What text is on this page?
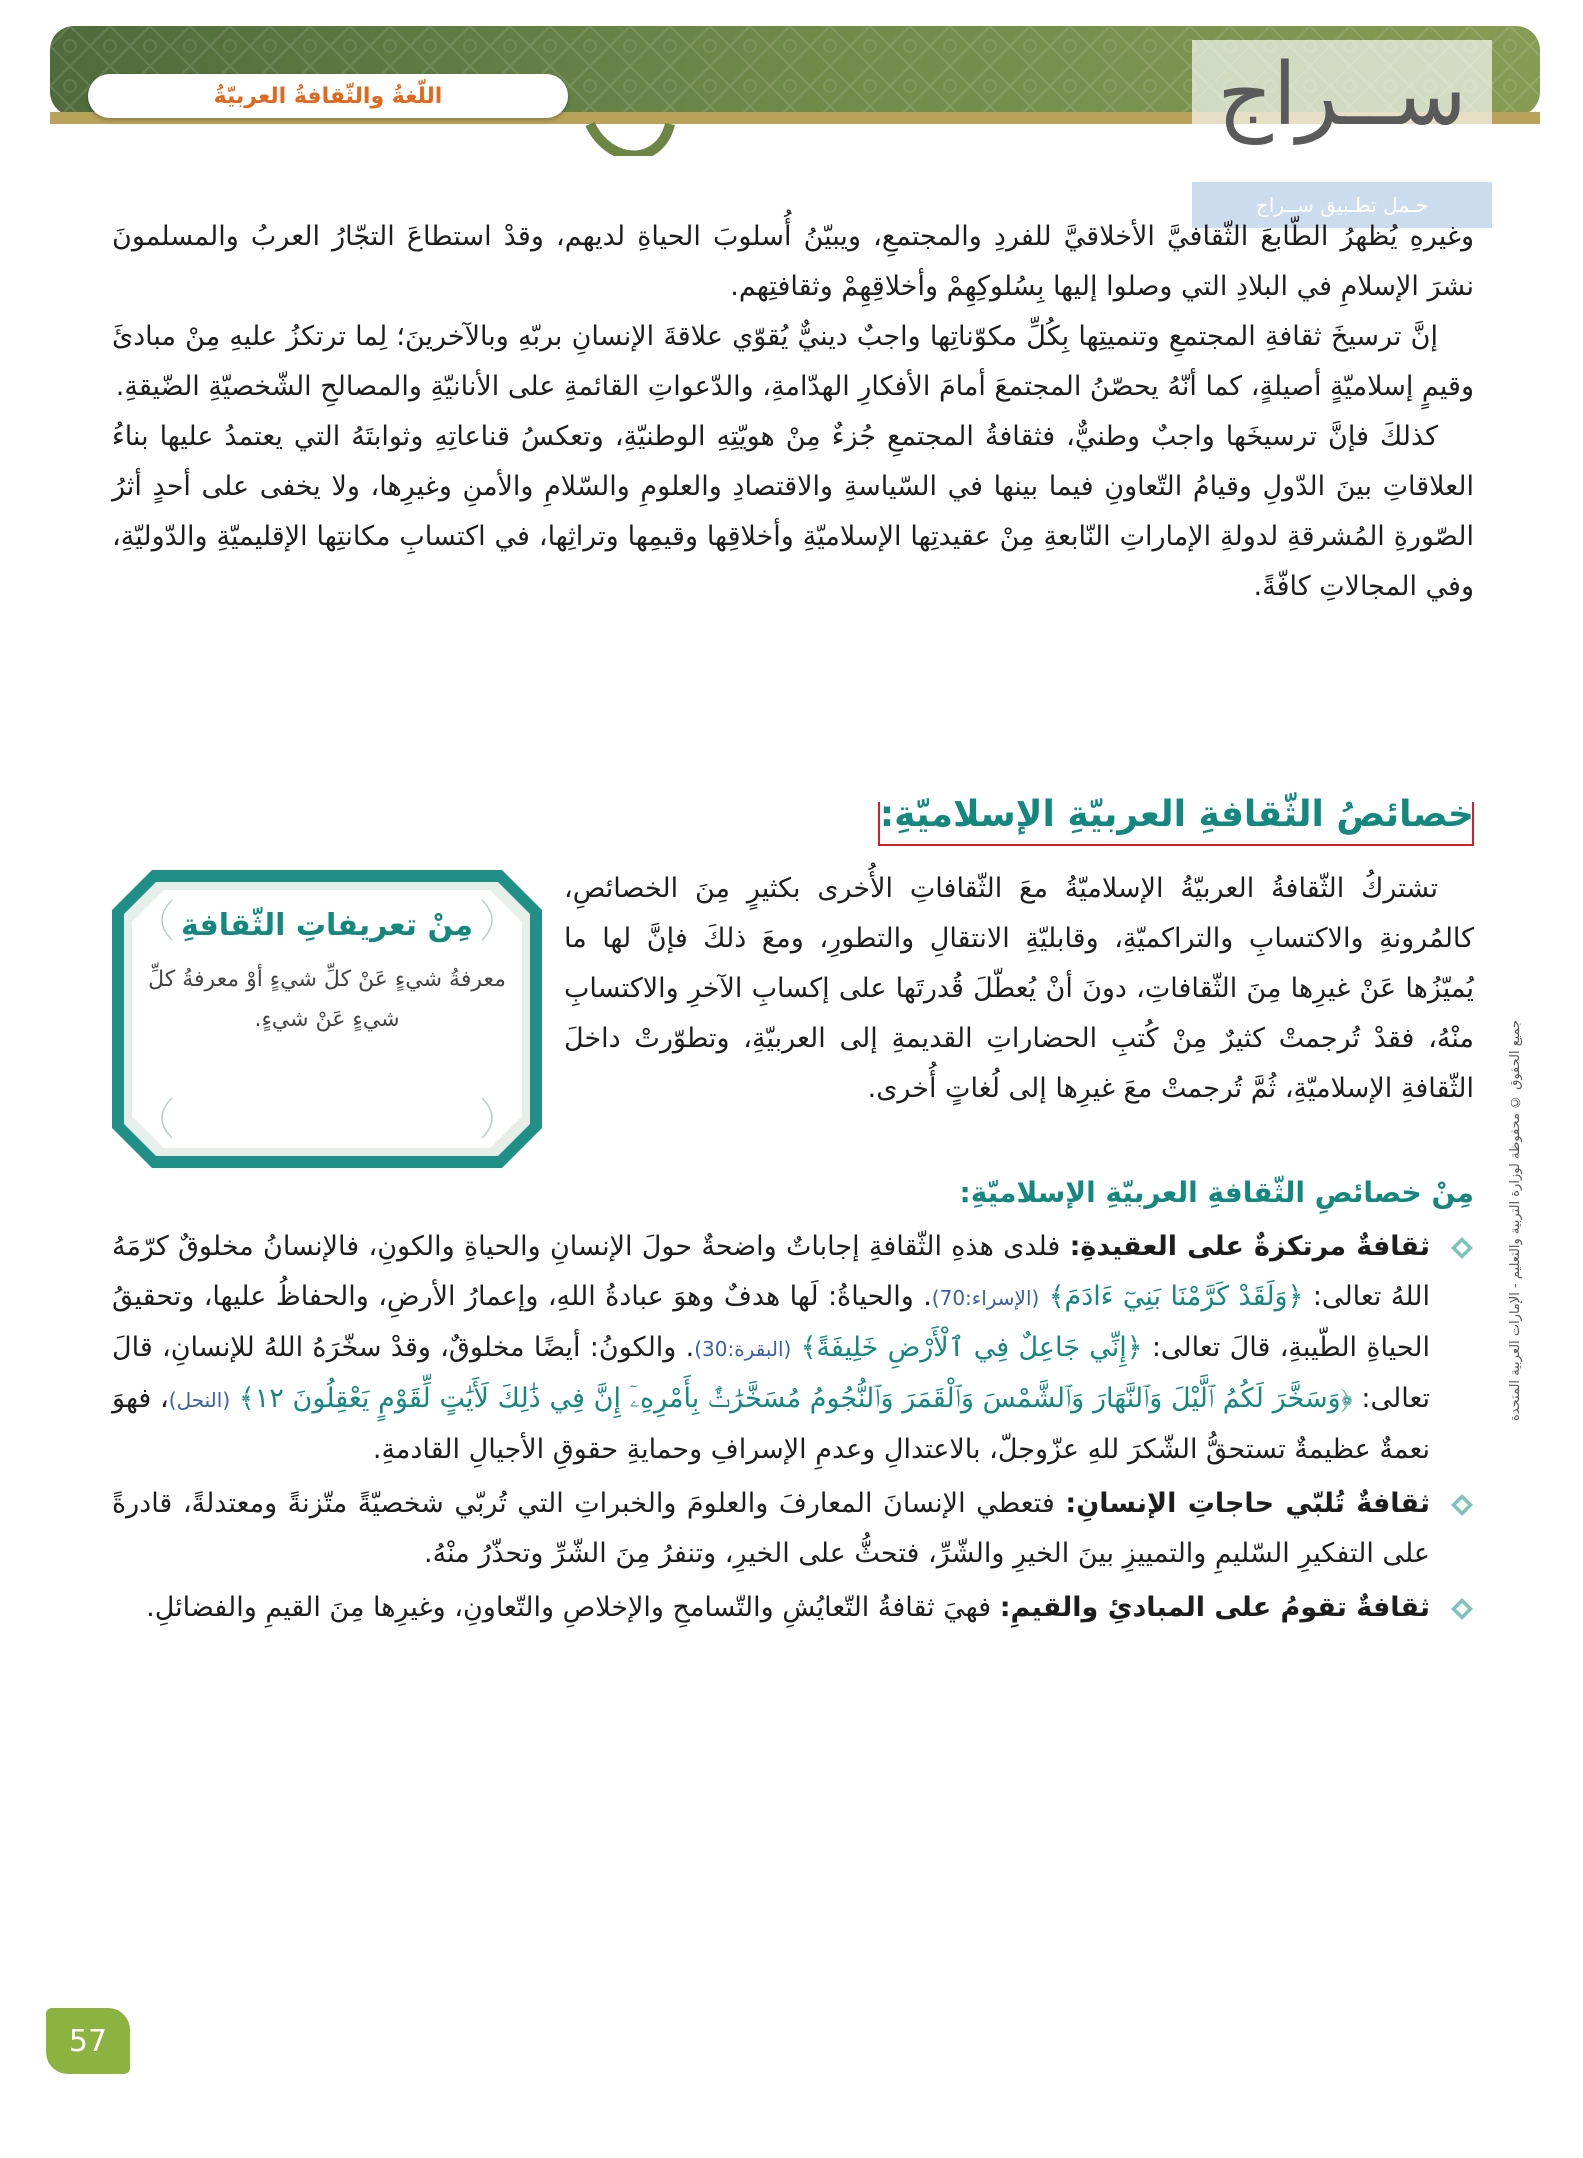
اللّغةُ والثّقافةُ العربيّةُ	ســراج
حـمل تطـبيق ســراج

وغيرهِ يُظهرُ الطّابعَ الثّقافيَّ الأخلاقيَّ للفردِ والمجتمعِ، ويبيّنُ أُسلوبَ الحياةِ لديهم، وقدْ استطاعَ التجّارُ العربُ والمسلمونَ نشرَ الإسلامِ في البلادِ التي وصلوا إليها بِسُلوكِهِمْ وأخلاقِهِمْ وثقافتِهم.

إنَّ ترسيخَ ثقافةِ المجتمعِ وتنميتِها بِكُلِّ مكوّناتِها واجبٌ دينيٌّ يُقوّي علاقةَ الإنسانِ بربّهِ وبالآخرينَ؛ لِما ترتكزُ عليهِ مِنْ مبادئَ وقيمٍ إسلاميّةٍ أصيلةٍ، كما أنّهُ يحصّنُ المجتمعَ أمامَ الأفكارِ الهدّامةِ، والدّعواتِ القائمةِ على الأنانيّةِ والمصالحِ الشّخصيّةِ الضّيقةِ.

كذلكَ فإنَّ ترسيخَها واجبٌ وطنيٌّ، فثقافةُ المجتمعِ جُزءٌ مِنْ هويّتِهِ الوطنيّةِ، وتعكسُ قناعاتِهِ وثوابتَهُ التي يعتمدُ عليها بناءُ العلاقاتِ بينَ الدّولِ وقيامُ التّعاونِ فيما بينها في السّياسةِ والاقتصادِ والعلومِ والسّلامِ والأمنِ وغيرِها، ولا يخفى على أحدٍ أثرُ الصّورةِ المُشرقةِ لدولةِ الإماراتِ النّابعةِ مِنْ عقيدتِها الإسلاميّةِ وأخلاقِها وقيمِها وتراثِها، في اكتسابِ مكانتِها الإقليميّةِ والدّوليّةِ، وفي المجالاتِ كافّةً.

خصائصُ الثّقافةِ العربيّةِ الإسلاميّةِ:
مِنْ تعريفاتِ الثّقافةِ
معرفةُ شيءٍ عَنْ كلِّ شيءٍ أوْ معرفةُ كلِّ شيءٍ عَنْ شيءٍ.

تشتركُ الثّقافةُ العربيّةُ الإسلاميّةُ معَ الثّقافاتِ الأُخرى بكثيرٍ مِنَ الخصائصِ، كالمُرونةِ والاكتسابِ والتراكميّةِ، وقابليّةِ الانتقالِ والتطورِ، ومعَ ذلكَ فإنَّ لها ما يُميّزُها عَنْ غيرِها مِنَ الثّقافاتِ، دونَ أنْ يُعطّلَ قُدرتَها على إكسابِ الآخرِ والاكتسابِ منْهُ، فقدْ تُرجمتْ كثيرٌ مِنْ كُتبِ الحضاراتِ القديمةِ إلى العربيّةِ، وتطوّرتْ داخلَ الثّقافةِ الإسلاميّةِ، ثُمَّ تُرجمتْ معَ غيرِها إلى لُغاتٍ أُخرى.

مِنْ خصائصِ الثّقافةِ العربيّةِ الإسلاميّةِ:

ثقافةٌ مرتكزةٌ على العقيدةِ: فلدى هذهِ الثّقافةِ إجاباتٌ واضحةٌ حولَ الإنسانِ والحياةِ والكونِ، فالإنسانُ مخلوقٌ كرّمَهُ اللهُ تعالى: ﴿وَلَقَدْ كَرَّمْنَا بَنِيٓ ءَادَمَ﴾ (الإسراء:70). والحياةُ: لَها هدفٌ وهوَ عبادةُ اللهِ، وإعمارُ الأرضِ، والحفاظُ عليها، وتحقيقُ الحياةِ الطّيبةِ، قالَ تعالى: ﴿إِنِّي جَاعِلٌ فِي ٱلْأَرْضِ خَلِيفَةً﴾ (البقرة:30). والكونُ: أيضًا مخلوقٌ، وقدْ سخّرَهُ اللهُ للإنسانِ، قالَ تعالى: ﴿وَسَخَّرَ لَكُمُ ٱلَّيْلَ وَٱلنَّهَارَ وَٱلشَّمْسَ وَٱلْقَمَرَ وَٱلنُّجُومُ مُسَخَّرَٰتٌۢ بِأَمْرِهِۦٓ إِنَّ فِي ذَٰلِكَ لَأَيَٰتٍ لِّقَوْمٍ يَعْقِلُونَ ١٢﴾ (النحل)، فهوَ نعمةٌ عظيمةٌ تستحقُّ الشّكرَ للهِ عزّوجلّ، بالاعتدالِ وعدمِ الإسرافِ وحمايةِ حقوقِ الأجيالِ القادمةِ.

ثقافةٌ تُلبّي حاجاتِ الإنسانِ: فتعطي الإنسانَ المعارفَ والعلومَ والخبراتِ التي تُربّي شخصيّةً متّزنةً ومعتدلةً، قادرةً على التفكيرِ السّليمِ والتمييزِ بينَ الخيرِ والشّرِّ، فتحثُّ على الخيرِ، وتنفرُ مِنَ الشّرِّ وتحذّرُ منْهُ.

ثقافةٌ تقومُ على المبادئِ والقيمِ: فهيَ ثقافةُ التّعايُشِ والتّسامحِ والإخلاصِ والتّعاونِ، وغيرِها مِنَ القيمِ والفضائلِ.

جميع الحقوق © محفوظة لوزارة التربية والتعليم - الإمارات العربية المتحدة
57
